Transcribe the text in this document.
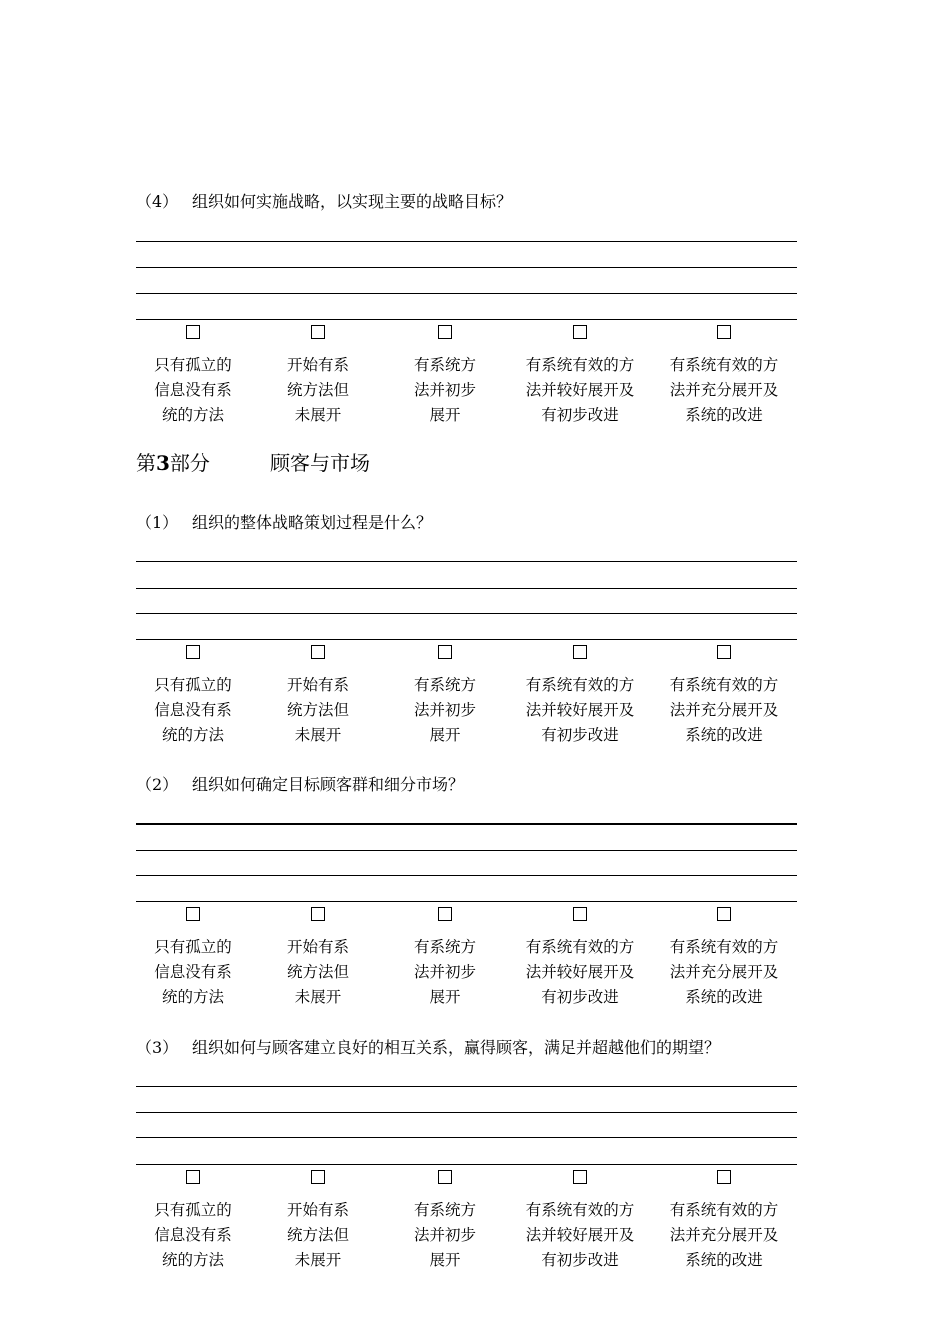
（4） 组织如何实施战略，以实现主要的战略目标？
只有孤立的
信息没有系
统的方法
开始有系
统方法但
未展开
有系统方
法并初步
展开
有系统有效的方
法并较好展开及
有初步改进
有系统有效的方
法并充分展开及
系统的改进
第3部分	顾客与市场
（1） 组织的整体战略策划过程是什么？
只有孤立的
信息没有系
统的方法
开始有系
统方法但
未展开
有系统方
法并初步
展开
有系统有效的方
法并较好展开及
有初步改进
有系统有效的方
法并充分展开及
系统的改进
（2） 组织如何确定目标顾客群和细分市场？
只有孤立的
信息没有系
统的方法
开始有系
统方法但
未展开
有系统方
法并初步
展开
有系统有效的方
法并较好展开及
有初步改进
有系统有效的方
法并充分展开及
系统的改进
（3） 组织如何与顾客建立良好的相互关系，赢得顾客，满足并超越他们的期望？
只有孤立的
信息没有系
统的方法
开始有系
统方法但
未展开
有系统方
法并初步
展开
有系统有效的方
法并较好展开及
有初步改进
有系统有效的方
法并充分展开及
系统的改进
